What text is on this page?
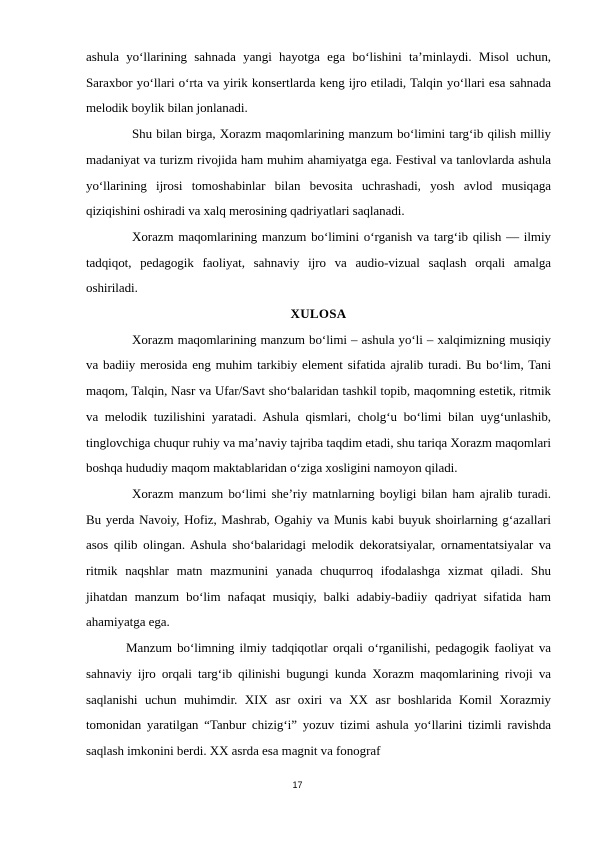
ashula yo‘llarining sahnada yangi hayotga ega bo‘lishini ta’minlaydi. Misol uchun, Saraxbor yo‘llari o‘rta va yirik konsertlarda keng ijro etiladi, Talqin yo‘llari esa sahnada melodik boylik bilan jonlanadi.

Shu bilan birga, Xorazm maqomlarining manzum bo‘limini targ‘ib qilish milliy madaniyat va turizm rivojida ham muhim ahamiyatga ega. Festival va tanlovlarda ashula yo‘llarining ijrosi tomoshabinlar bilan bevosita uchrashadi, yosh avlod musiqaga qiziqishini oshiradi va xalq merosining qadriyatlari saqlanadi.

Xorazm maqomlarining manzum bo‘limini o‘rganish va targ‘ib qilish — ilmiy tadqiqot, pedagogik faoliyat, sahnaviy ijro va audio-vizual saqlash orqali amalga oshiriladi.

XULOSA

Xorazm maqomlarining manzum bo‘limi – ashula yo‘li – xalqimizning musiqiy va badiiy merosida eng muhim tarkibiy element sifatida ajralib turadi. Bu bo‘lim, Tani maqom, Talqin, Nasr va Ufar/Savt sho‘balaridan tashkil topib, maqomning estetik, ritmik va melodik tuzilishini yaratadi. Ashula qismlari, cholg‘u bo‘limi bilan uyg‘unlashib, tinglovchiga chuqur ruhiy va ma’naviy tajriba taqdim etadi, shu tariqa Xorazm maqomlari boshqa hududiy maqom maktablaridan o‘ziga xosligini namoyon qiladi.

Xorazm manzum bo‘limi she’riy matnlarning boyligi bilan ham ajralib turadi. Bu yerda Navoiy, Hofiz, Mashrab, Ogahiy va Munis kabi buyuk shoirlarning g‘azallari asos qilib olingan. Ashula sho‘balaridagi melodik dekoratsiyalar, ornamentatsiyalar va ritmik naqshlar matn mazmunini yanada chuqurroq ifodalashga xizmat qiladi. Shu jihatdan manzum bo‘lim nafaqat musiqiy, balki adabiy-badiiy qadriyat sifatida ham ahamiyatga ega.

Manzum bo‘limning ilmiy tadqiqotlar orqali o‘rganilishi, pedagogik faoliyat va sahnaviy ijro orqali targ‘ib qilinishi bugungi kunda Xorazm maqomlarining rivoji va saqlanishi uchun muhimdir. XIX asr oxiri va XX asr boshlarida Komil Xorazmiy tomonidan yaratilgan “Tanbur chizig‘i” yozuv tizimi ashula yo‘llarini tizimli ravishda saqlash imkonini berdi. XX asrda esa magnit va fonograf

17
